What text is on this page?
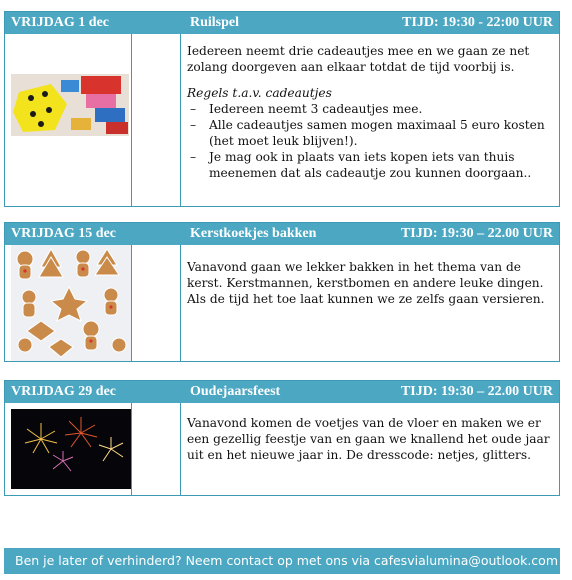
VRIJDAG 1 dec	Ruilspel	TIJD: 19:30 - 22:00 UUR

Iedereen neemt drie cadeautjes mee en we gaan ze net zolang doorgeven aan elkaar totdat de tijd voorbij is.

Regels t.a.v. cadeautjes

– Iedereen neemt 3 cadeautjes mee.
– Alle cadeautjes samen mogen maximaal 5 euro kosten (het moet leuk blijven!).
– Je mag ook in plaats van iets kopen iets van thuis meenemen dat als cadeautje zou kunnen doorgaan..
VRIJDAG 15 dec	Kerstkoekjes bakken	TIJD: 19:30 – 22.00 UUR

Vanavond gaan we lekker bakken in het thema van de kerst. Kerstmannen, kerstbomen en andere leuke dingen. Als de tijd het toe laat kunnen we ze zelfs gaan versieren.

VRIJDAG 29 dec	Oudejaarsfeest	TIJD: 19:30 – 22.00 UUR

Vanavond komen de voetjes van de vloer en maken we er een gezellig feestje van en gaan we knallend het oude jaar uit en het nieuwe jaar in. De dresscode: netjes, glitters.

Ben je later of verhinderd? Neem contact op met ons via cafesvialumina@outlook.com
